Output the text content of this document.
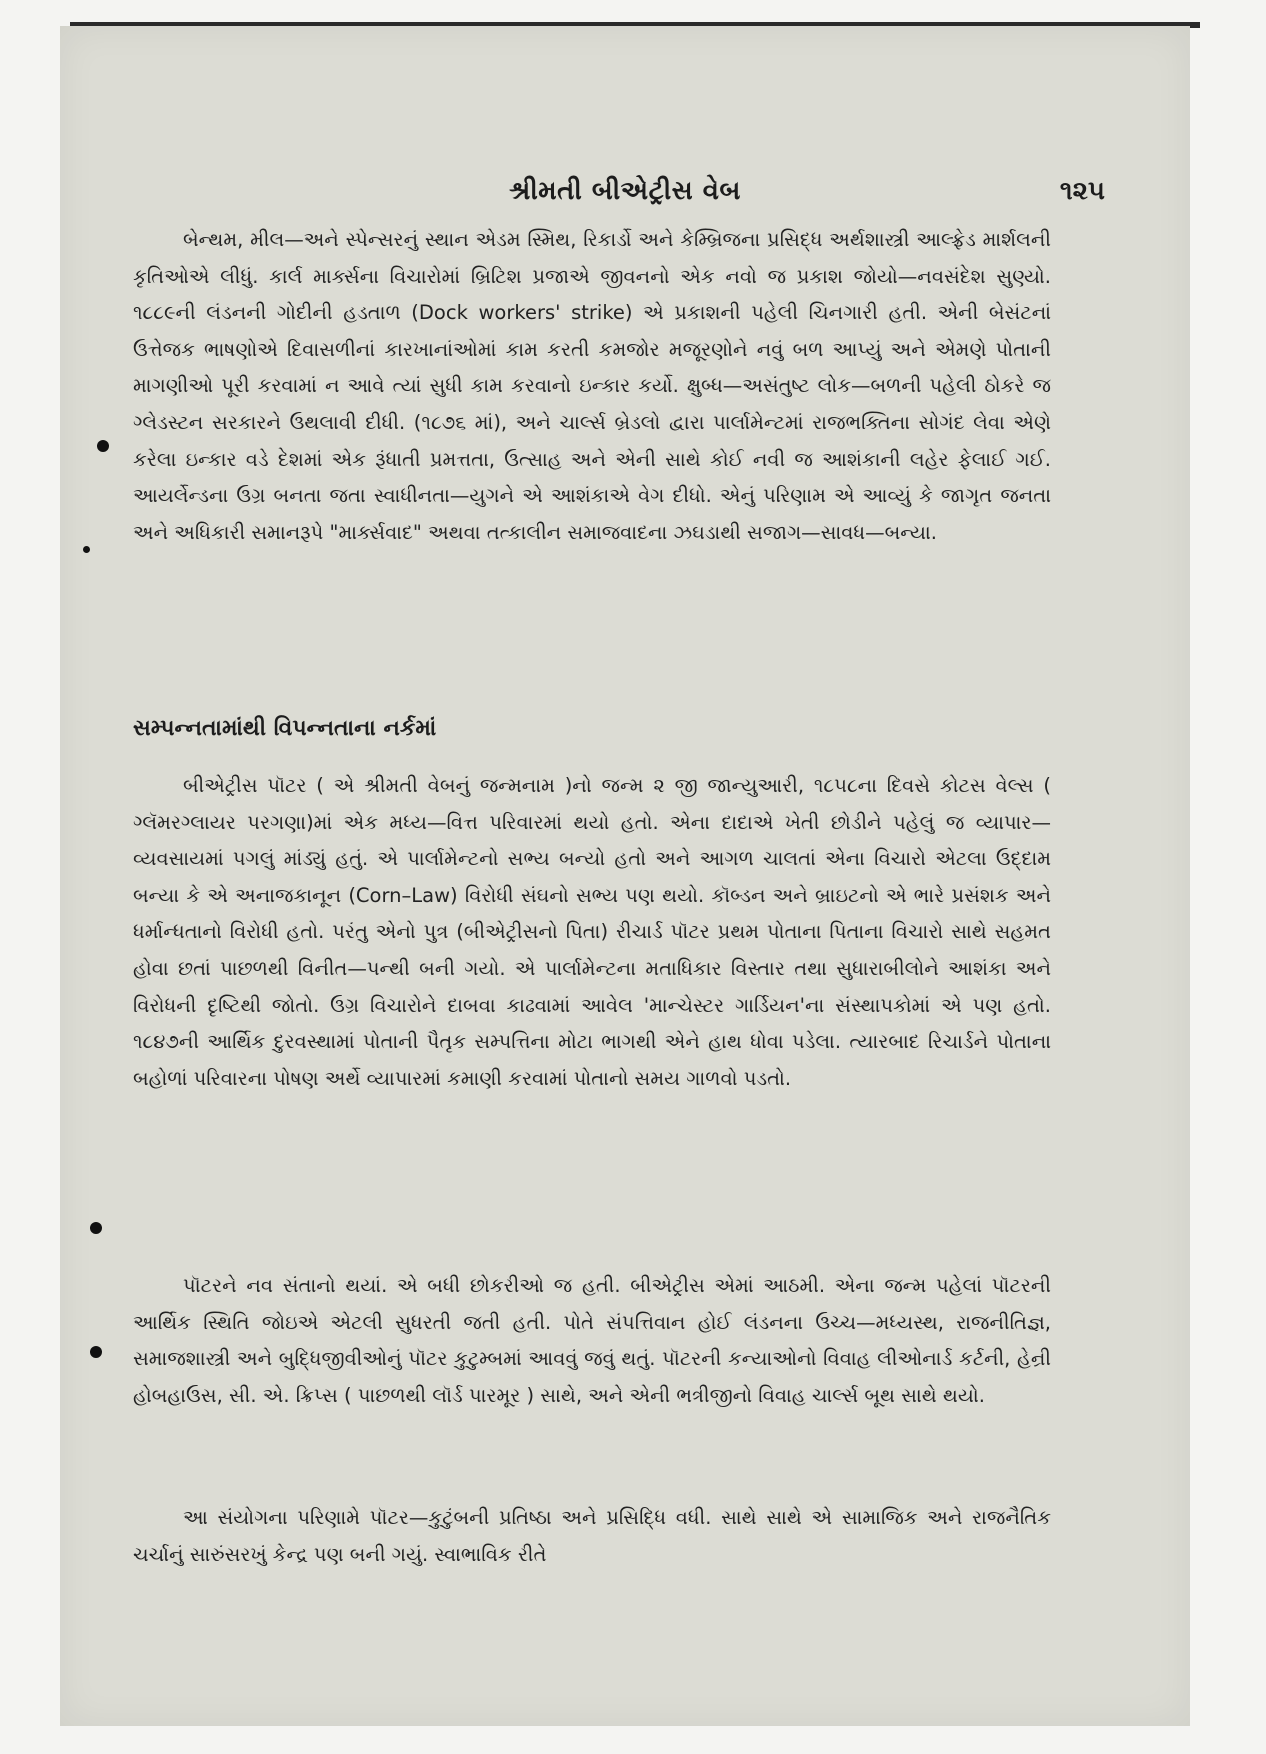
શ્રીમતી બીએટ્રીસ વેબ	૧૨૫
બેન્થમ, મીલ—અને સ્પેન્સરનું સ્થાન એડમ સ્મિથ, રિકાર્ડો અને કેમ્બ્રિજના પ્રસિદ્ધ અર્થશાસ્ત્રી આલ્ફ્રેડ માર્શલની કૃતિઓએ લીધું. કાર્લ માર્ક્સના વિચારોમાં બ્રિટિશ પ્રજાએ જીવનનો એક નવો જ પ્રકાશ જોયો—નવસંદેશ સુણ્યો. ૧૮૮૯ની લંડનની ગોદીની હડતાળ (Dock workers' strike) એ પ્રકાશની પહેલી ચિનગારી હતી. એની બેસંટનાં ઉત્તેજક ભાષણોએ દિવાસળીનાં કારખાનાંઓમાં કામ કરતી કમજોર મજૂરણોને નવું બળ આપ્યું અને એમણે પોતાની માગણીઓ પૂરી કરવામાં ન આવે ત્યાં સુધી કામ કરવાનો ઇન્કાર કર્યો. ક્ષુબ્ધ—અસંતુષ્ટ લોક—બળની પહેલી ઠોકરે જ ગ્લેડસ્ટન સરકારને ઉથલાવી દીધી. (૧૮૭૬ માં), અને ચાર્લ્સ બ્રેડલો દ્વારા પાર્લામેન્ટમાં રાજભક્તિના સોગંદ લેવા એણે કરેલા ઇન્કાર વડે દેશમાં એક રૂંધાતી પ્રમત્તતા, ઉત્સાહ અને એની સાથે કોઈ નવી જ આશંકાની લહેર ફેલાઈ ગઈ. આયર્લેન્ડના ઉગ્ર બનતા જતા સ્વાધીનતા—યુગને એ આશંકાએ વેગ દીધો. એનું પરિણામ એ આવ્યું કે જાગૃત જનતા અને અધિકારી સમાનરૂપે "માર્ક્સવાદ" અથવા તત્કાલીન સમાજવાદના ઝઘડાથી સજાગ—સાવધ—બન્યા.
સમ્પન્નતામાંથી વિપન્નતાના નર્કમાં
બીએટ્રીસ પૉટર ( એ શ્રીમતી વેબનું જન્મનામ )નો જન્મ ૨ જી જાન્યુઆરી, ૧૮૫૮ના દિવસે કોટસ વેલ્સ ( ગ્લૅમરગ્લાયર પરગણા)માં એક મધ્ય—વિત્ત પરિવારમાં થયો હતો. એના દાદાએ ખેતી છોડીને પહેલું જ વ્યાપાર—વ્યવસાયમાં પગલું માંડ્યું હતું. એ પાર્લામેન્ટનો સભ્ય બન્યો હતો અને આગળ ચાલતાં એના વિચારો એટલા ઉદ્દામ બન્યા કે એ અનાજકાનૂન (Corn–Law) વિરોધી સંઘનો સભ્ય પણ થયો. કૉબ્ડન અને બ્રાઇટનો એ ભારે પ્રસંશક અને ધર્માન્ધતાનો વિરોધી હતો. પરંતુ એનો પુત્ર (બીએટ્રીસનો પિતા) રીચાર્ડ પૉટર પ્રથમ પોતાના પિતાના વિચારો સાથે સહમત હોવા છતાં પાછળથી વિનીત—પન્થી બની ગયો. એ પાર્લામેન્ટના મતાધિકાર વિસ્તાર તથા સુધારાબીલોને આશંકા અને વિરોધની દૃષ્ટિથી જોતો. ઉગ્ર વિચારોને દાબવા કાઢવામાં આવેલ 'માન્ચેસ્ટર ગાર્ડિયન'ના સંસ્થાપકોમાં એ પણ હતો. ૧૮૪૭ની આર્થિક દુરવસ્થામાં પોતાની પૈતૃક સમ્પત્તિના મોટા ભાગથી એને હાથ ધોવા પડેલા. ત્યારબાદ રિચાર્ડને પોતાના બહોળાં પરિવારના પોષણ અર્થે વ્યાપારમાં કમાણી કરવામાં પોતાનો સમય ગાળવો પડતો.
પૉટરને નવ સંતાનો થયાં. એ બધી છોકરીઓ જ હતી. બીએટ્રીસ એમાં આઠમી. એના જન્મ પહેલાં પૉટરની આર્થિક સ્થિતિ જોઇએ એટલી સુધરતી જતી હતી. પોતે સંપત્તિવાન હોઈ લંડનના ઉચ્ચ—મધ્યસ્થ, રાજનીતિજ્ઞ, સમાજશાસ્ત્રી અને બુદ્ધિજીવીઓનું પૉટર કુટુમ્બમાં આવવું જવું થતું. પૉટરની કન્યાઓનો વિવાહ લીઓનાર્ડ કર્ટની, હેન્રી હોબહાઉસ, સી. એ. ક્રિપ્સ ( પાછળથી લૉર્ડ પારમૂર ) સાથે, અને એની ભત્રીજીનો વિવાહ ચાર્લ્સ બૂથ સાથે થયો.
આ સંયોગના પરિણામે પૉટર—કુટુંબની પ્રતિષ્ઠા અને પ્રસિદ્ધિ વધી. સાથે સાથે એ સામાજિક અને રાજનૈતિક ચર્ચાનું સારુંસરખું કેન્દ્ર પણ બની ગયું. સ્વાભાવિક રીતે
